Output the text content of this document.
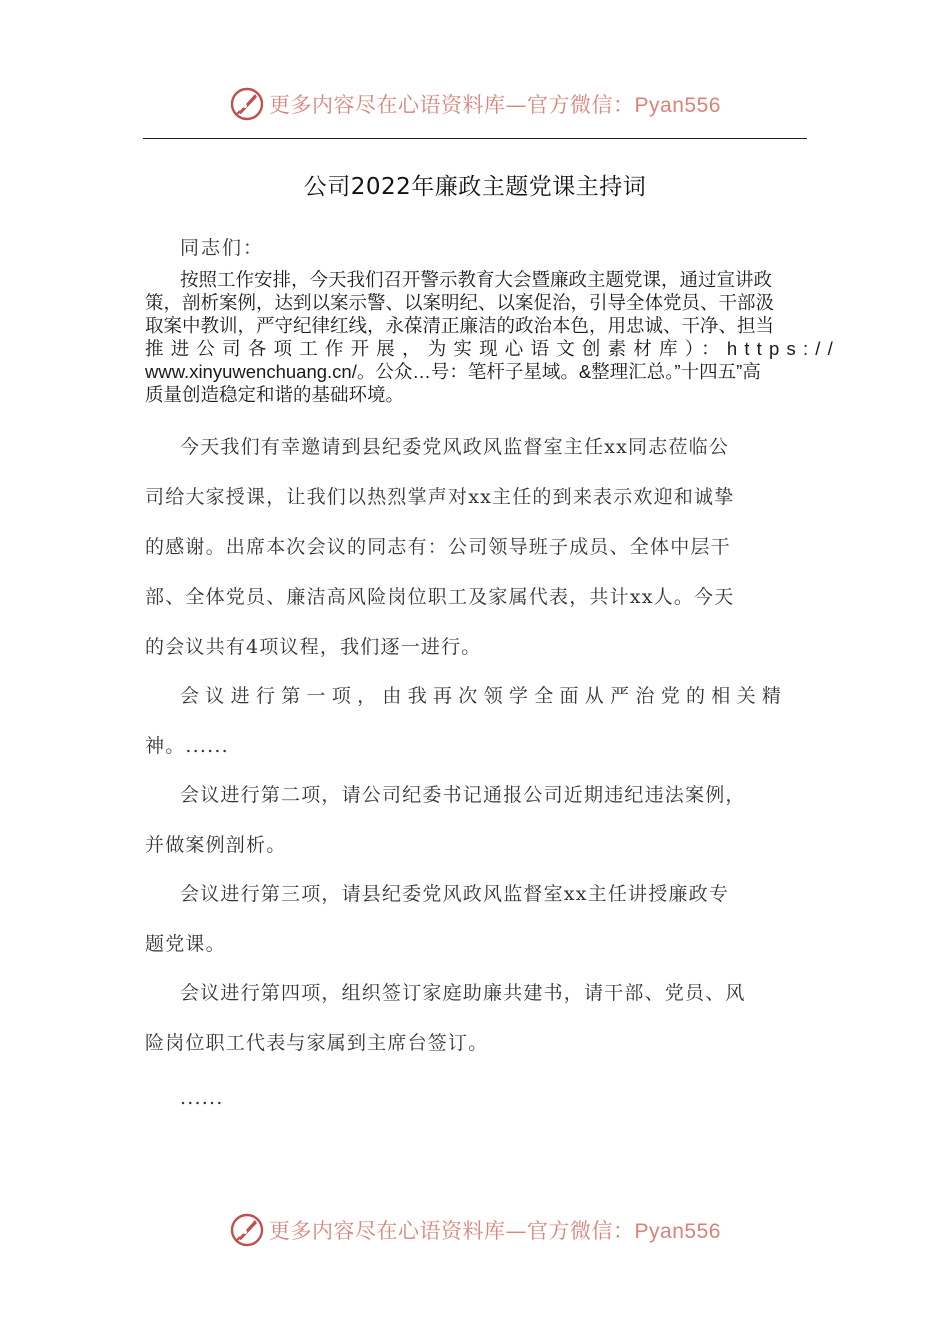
更多内容尽在心语资料库—官方微信：Pyan556
公司2022年廉政主题党课主持词
同志们：
按照工作安排，今天我们召开警示教育大会暨廉政主题党课，通过宣讲政
策，剖析案例，达到以案示警、以案明纪、以案促治，引导全体党员、干部汲
取案中教训，严守纪律红线，永葆清正廉洁的政治本色，用忠诚、干净、担当
推进公司各项工作开展，为实现心语文创素材库）：https://
www.xinyuwenchuang.cn/。公众…号：笔杆子星域。&整理汇总。”十四五”高
质量创造稳定和谐的基础环境。
今天我们有幸邀请到县纪委党风政风监督室主任xx同志莅临公
司给大家授课，让我们以热烈掌声对xx主任的到来表示欢迎和诚挚
的感谢。出席本次会议的同志有：公司领导班子成员、全体中层干
部、全体党员、廉洁高风险岗位职工及家属代表，共计xx人。今天
的会议共有4项议程，我们逐一进行。
会议进行第一项，由我再次领学全面从严治党的相关精
神。......
会议进行第二项，请公司纪委书记通报公司近期违纪违法案例，
并做案例剖析。
会议进行第三项，请县纪委党风政风监督室xx主任讲授廉政专
题党课。
会议进行第四项，组织签订家庭助廉共建书，请干部、党员、风
险岗位职工代表与家属到主席台签订。
......
更多内容尽在心语资料库—官方微信：Pyan556
